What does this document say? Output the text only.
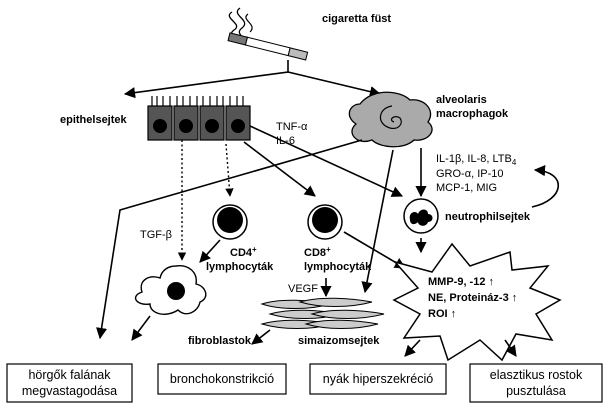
cigaretta füst
epithelsejtek
TNF-α
IL-6
alveolaris
macrophagok
IL-1β, IL-8, $LTB_4$
GRO-α, IP-10
MCP-1, MIG
neutrophilsejtek
CD4+
lymphocyták
CD8+
lymphocyták
TGF-β
VEGF
fibroblastok	simaizomsejtek
MMP-9, -12 ↑
NE, Proteináz-3 ↑
ROI ↑
hörgők falának
megvastagodása
bronchokonstrikció	nyák hiperszekréció	elasztikus rostok
pusztulása
